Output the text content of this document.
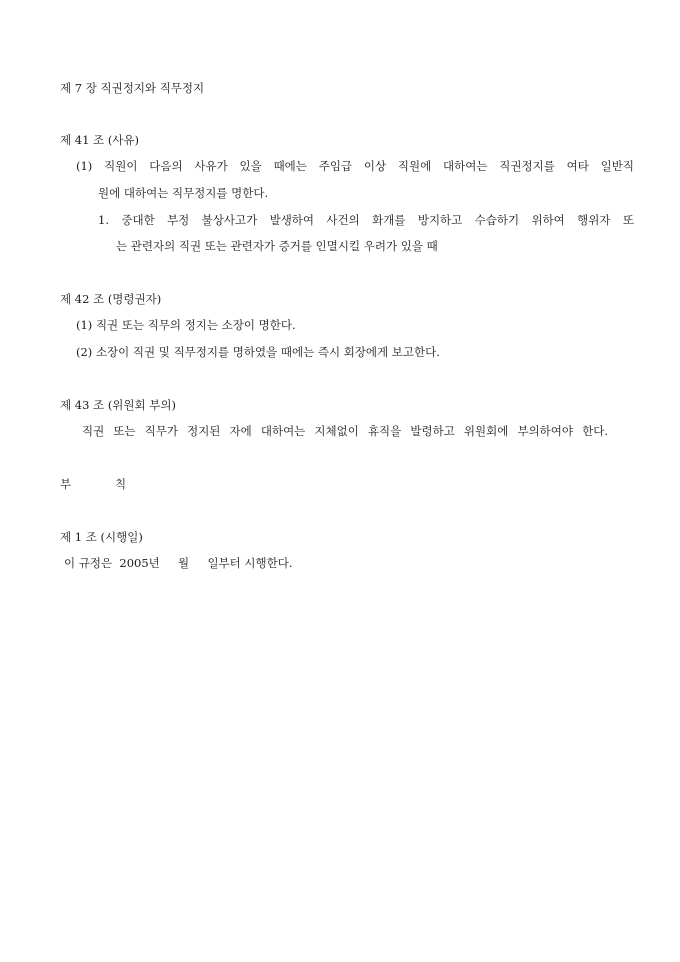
제 7 장 직권정지와 직무정지
제 41 조 (사유)
(1) 직원이 다음의 사유가 있을 때에는 주임급 이상 직원에 대하여는 직권정지를 여타 일반직
원에 대하여는 직무정지를 명한다.
1. 중대한 부정 불상사고가 발생하여 사건의 화개를 방지하고 수습하기 위하여 행위자 또
는 관련자의 직권 또는 관련자가 증거를 인멸시킬 우려가 있을 때
제 42 조 (명령권자)
(1) 직권 또는 직무의 정지는 소장이 명한다.
(2) 소장이 직권 및 직무정지를 명하였을 때에는 즉시 회장에게 보고한다.
제 43 조 (위원회 부의)
직권 또는 직무가 정지된 자에 대하여는 지체없이 휴직을 발령하고 위원회에 부의하여야 한다.
부	칙
제 1 조 (시행일)
이 규정은  2005년     월     일부터 시행한다.
